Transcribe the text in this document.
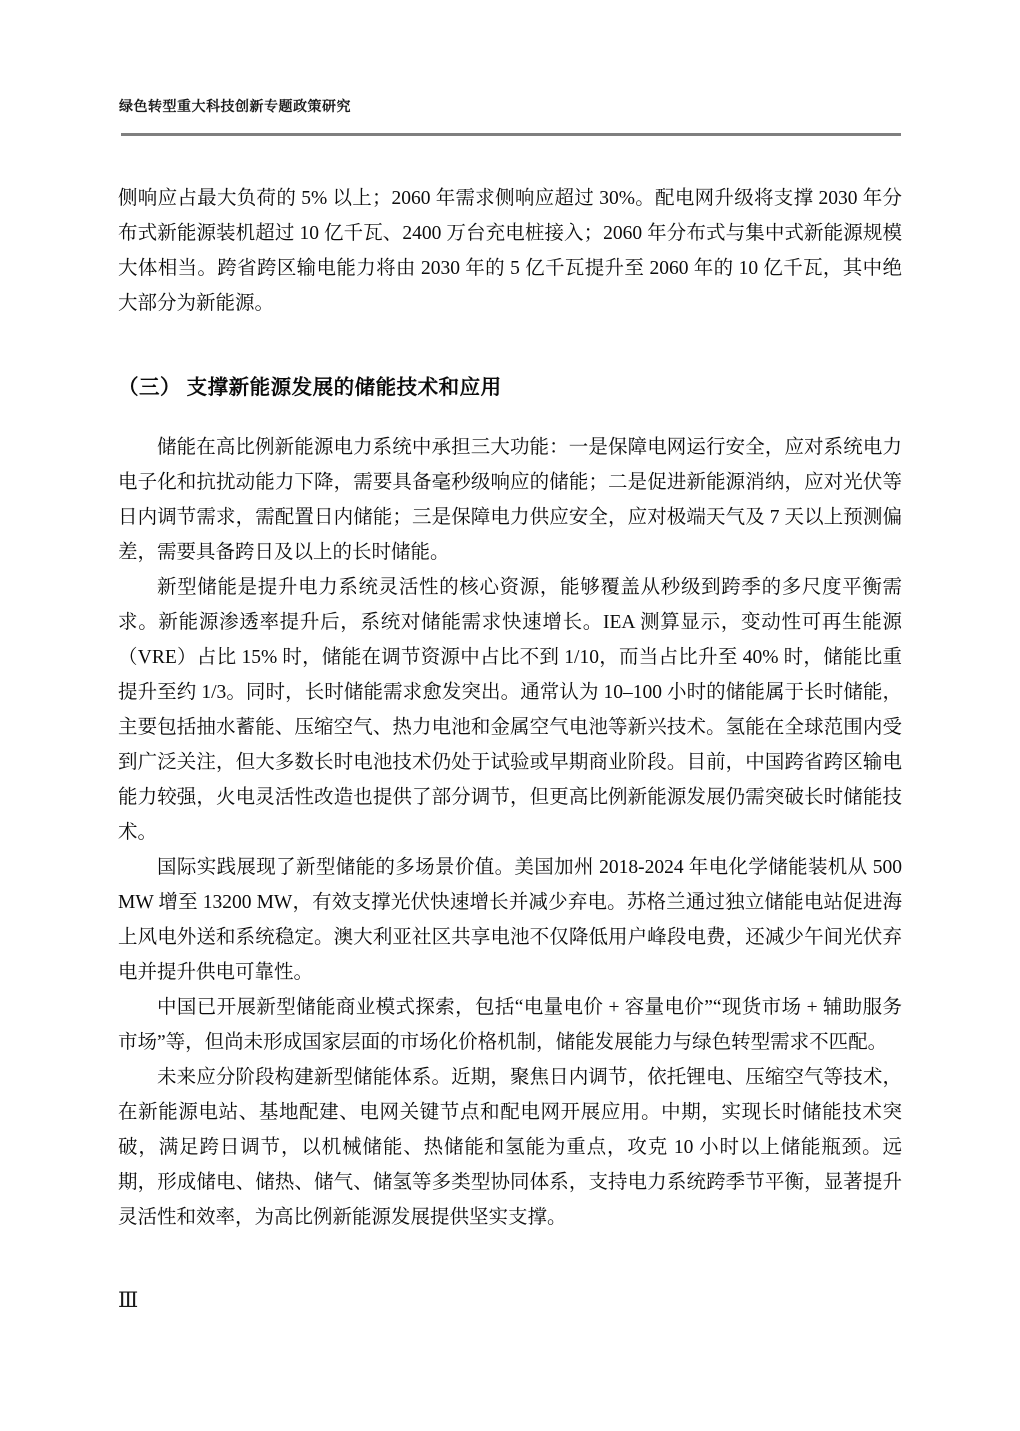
绿色转型重大科技创新专题政策研究

侧响应占最大负荷的 5% 以上；2060 年需求侧响应超过 30%。配电网升级将支撑 2030 年分布式新能源装机超过 10 亿千瓦、2400 万台充电桩接入；2060 年分布式与集中式新能源规模大体相当。跨省跨区输电能力将由 2030 年的 5 亿千瓦提升至 2060 年的 10 亿千瓦，其中绝大部分为新能源。

（三） 支撑新能源发展的储能技术和应用

储能在高比例新能源电力系统中承担三大功能：一是保障电网运行安全，应对系统电力电子化和抗扰动能力下降，需要具备毫秒级响应的储能；二是促进新能源消纳，应对光伏等日内调节需求，需配置日内储能；三是保障电力供应安全，应对极端天气及 7 天以上预测偏差，需要具备跨日及以上的长时储能。

新型储能是提升电力系统灵活性的核心资源，能够覆盖从秒级到跨季的多尺度平衡需求。新能源渗透率提升后，系统对储能需求快速增长。IEA 测算显示，变动性可再生能源（VRE）占比 15% 时，储能在调节资源中占比不到 1/10，而当占比升至 40% 时，储能比重提升至约 1/3。同时，长时储能需求愈发突出。通常认为 10–100 小时的储能属于长时储能，主要包括抽水蓄能、压缩空气、热力电池和金属空气电池等新兴技术。氢能在全球范围内受到广泛关注，但大多数长时电池技术仍处于试验或早期商业阶段。目前，中国跨省跨区输电能力较强，火电灵活性改造也提供了部分调节，但更高比例新能源发展仍需突破长时储能技术。

国际实践展现了新型储能的多场景价值。美国加州 2018-2024 年电化学储能装机从 500 MW 增至 13200 MW，有效支撑光伏快速增长并减少弃电。苏格兰通过独立储能电站促进海上风电外送和系统稳定。澳大利亚社区共享电池不仅降低用户峰段电费，还减少午间光伏弃电并提升供电可靠性。

中国已开展新型储能商业模式探索，包括“电量电价 + 容量电价”“现货市场 + 辅助服务市场”等，但尚未形成国家层面的市场化价格机制，储能发展能力与绿色转型需求不匹配。

未来应分阶段构建新型储能体系。近期，聚焦日内调节，依托锂电、压缩空气等技术，在新能源电站、基地配建、电网关键节点和配电网开展应用。中期，实现长时储能技术突破，满足跨日调节，以机械储能、热储能和氢能为重点，攻克 10 小时以上储能瓶颈。远期，形成储电、储热、储气、储氢等多类型协同体系，支持电力系统跨季节平衡，显著提升灵活性和效率，为高比例新能源发展提供坚实支撑。

Ⅲ
